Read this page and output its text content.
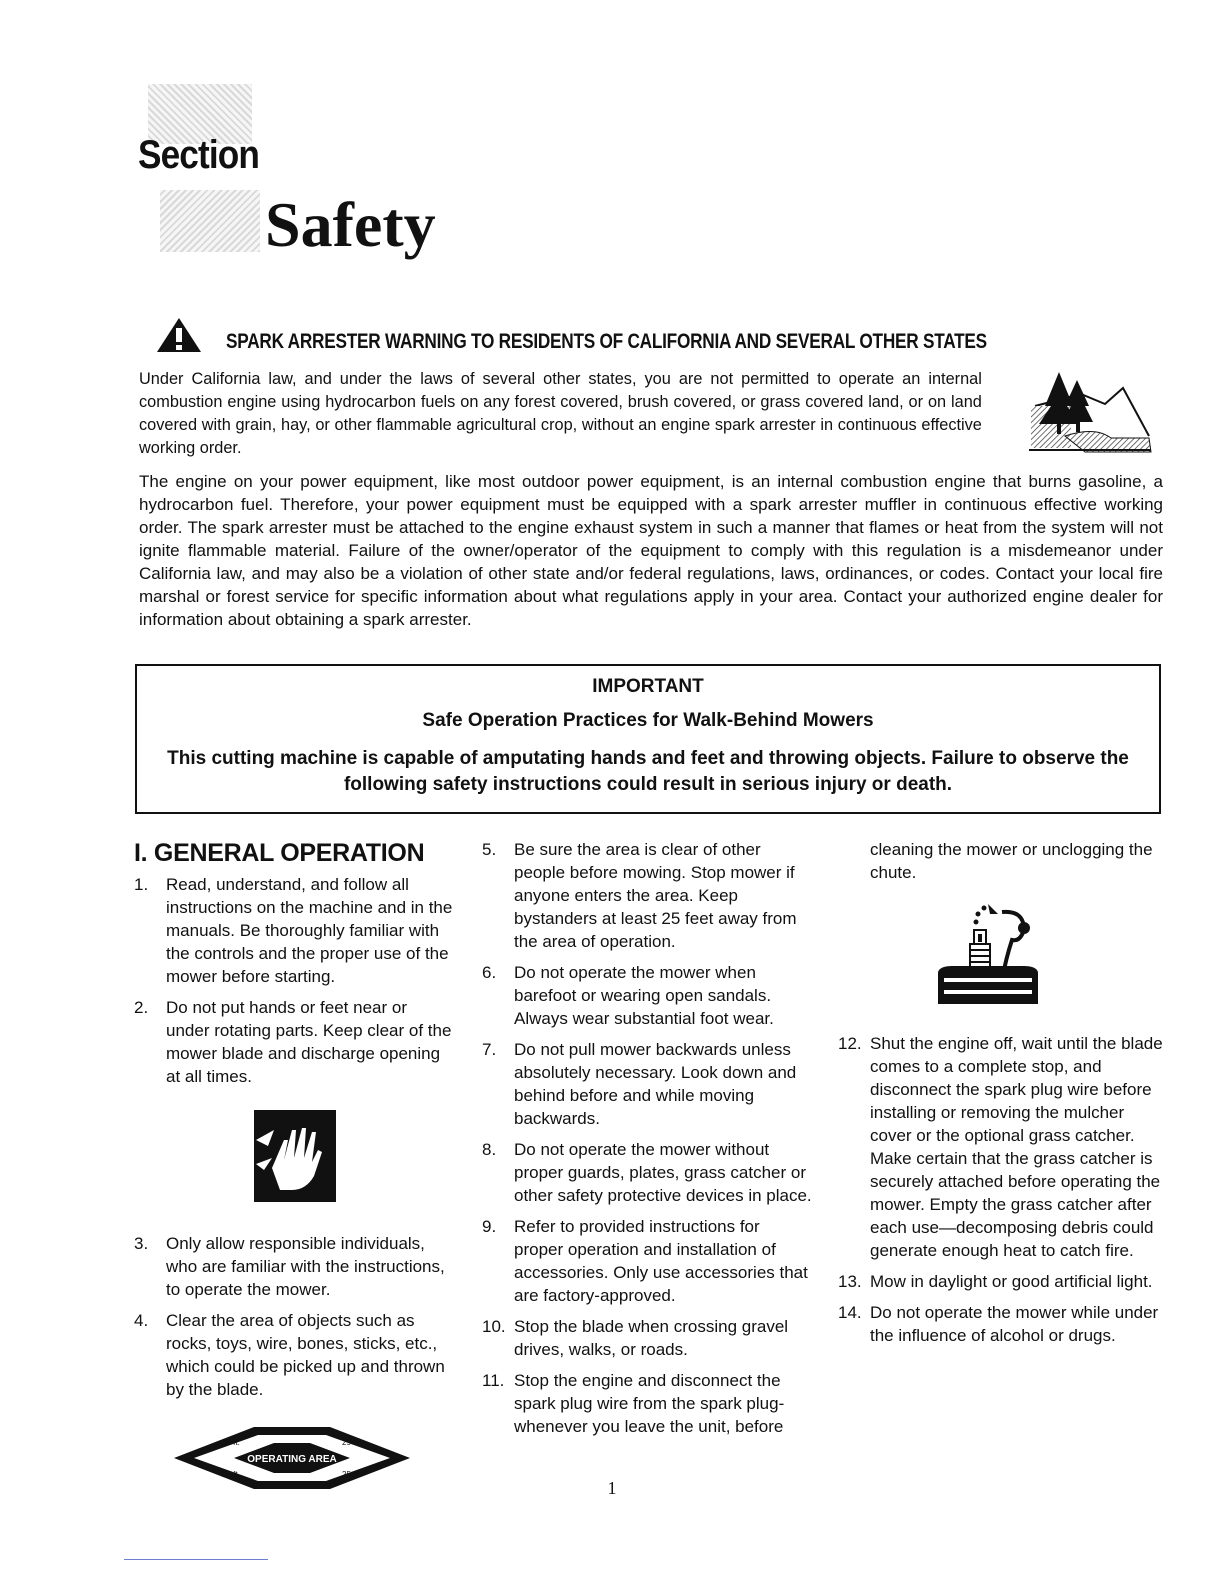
Section
Safety
SPARK ARRESTER WARNING TO RESIDENTS OF CALIFORNIA AND SEVERAL OTHER STATES
Under California law, and under the laws of several other states, you are not permitted to operate an internal combustion engine using hydrocarbon fuels on any forest covered, brush covered, or grass covered land, or on land covered with grain, hay, or other flammable agricultural crop, without an engine spark arrester in continuous effective working order.
The engine on your power equipment, like most outdoor power equipment, is an internal combustion engine that burns gasoline, a hydrocarbon fuel. Therefore, your power equipment must be equipped with a spark arrester muffler in continuous effective working order. The spark arrester must be attached to the engine exhaust system in such a manner that flames or heat from the system will not ignite flammable material. Failure of the owner/operator of the equipment to comply with this regulation is a misdemeanor under California law, and may also be a violation of other state and/or federal regulations, laws, ordinances, or codes. Contact your local fire marshal or forest service for specific information about what regulations apply in your area. Contact your authorized engine dealer for information about obtaining a spark arrester.
IMPORTANT
Safe Operation Practices for Walk-Behind Mowers
This cutting machine is capable of amputating hands and feet and throwing objects. Failure to observe the following safety instructions could result in serious injury or death.
I. GENERAL OPERATION
1.	Read, understand, and follow all instructions on the machine and in the manuals. Be thoroughly familiar with the controls and the proper use of the mower before starting.
2.	Do not put hands or feet near or under rotating parts. Keep clear of the mower blade and discharge opening at all times.
3.	Only allow responsible individuals, who are familiar with the instructions, to operate the mower.
4.	Clear the area of objects such as rocks, toys, wire, bones, sticks, etc., which could be picked up and thrown by the blade.
OPERATING AREA
25 ft.	25 ft.
25 ft.	25 ft.
5.	Be sure the area is clear of other people before mowing. Stop mower if anyone enters the area. Keep bystanders at least 25 feet away from the area of operation.
6.	Do not operate the mower when barefoot or wearing open sandals. Always wear substantial foot wear.
7.	Do not pull mower backwards unless absolutely necessary. Look down and behind before and while moving backwards.
8.	Do not operate the mower without proper guards, plates, grass catcher or other safety protective devices in place.
9.	Refer to provided instructions for proper operation and installation of accessories. Only use accessories that are factory-approved.
10. Stop the blade when crossing gravel drives, walks, or roads.
11. Stop the engine and disconnect the spark plug wire from the spark plug-whenever you leave the unit, before
cleaning the mower or unclogging the chute.
12. Shut the engine off, wait until the blade comes to a complete stop, and disconnect the spark plug wire before installing or removing the mulcher cover or the optional grass catcher. Make certain that the grass catcher is securely attached before operating the mower. Empty the grass catcher after each use—decomposing debris could generate enough heat to catch fire.
13. Mow in daylight or good artificial light.
14. Do not operate the mower while under the influence of alcohol or drugs.
1
